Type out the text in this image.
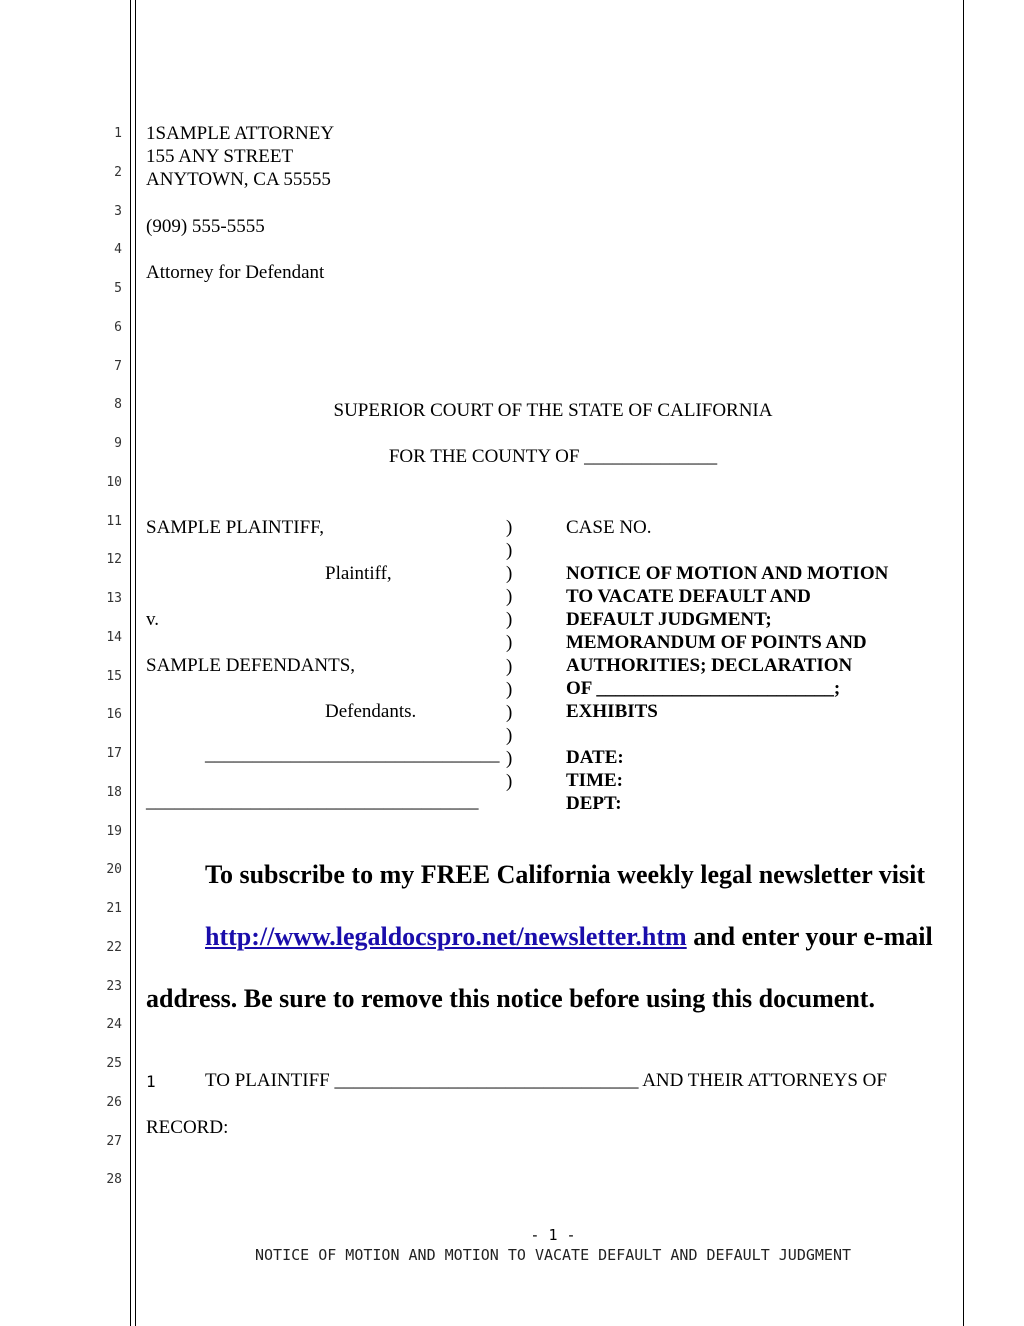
1
2
3
4
5
6
7
8
9
10
11
12
13
14
15
16
17
18
19
20
21
22
23
24
25
26
27
28
1SAMPLE ATTORNEY
155 ANY STREET
ANYTOWN, CA 55555
(909) 555-5555
Attorney for Defendant
SUPERIOR COURT OF THE STATE OF CALIFORNIA
FOR THE COUNTY OF ______________
SAMPLE PLAINTIFF,
Plaintiff,
v.
SAMPLE DEFENDANTS,
Defendants.
_______________________________
___________________________________
)
)
)
)
)
)
)
)
)
)
)
)
CASE NO.
NOTICE OF MOTION AND MOTION
TO VACATE DEFAULT AND
DEFAULT JUDGMENT;
MEMORANDUM OF POINTS AND
AUTHORITIES; DECLARATION
OF _________________________;
EXHIBITS
DATE:
TIME:
DEPT:
To subscribe to my FREE California weekly legal newsletter visit
http://www.legaldocspro.net/newsletter.htm and enter your e-mail
address. Be sure to remove this notice before using this document.
1	TO PLAINTIFF ________________________________ AND THEIR ATTORNEYS OF
RECORD:
- 1 -
NOTICE OF MOTION AND MOTION TO VACATE DEFAULT AND DEFAULT JUDGMENT
